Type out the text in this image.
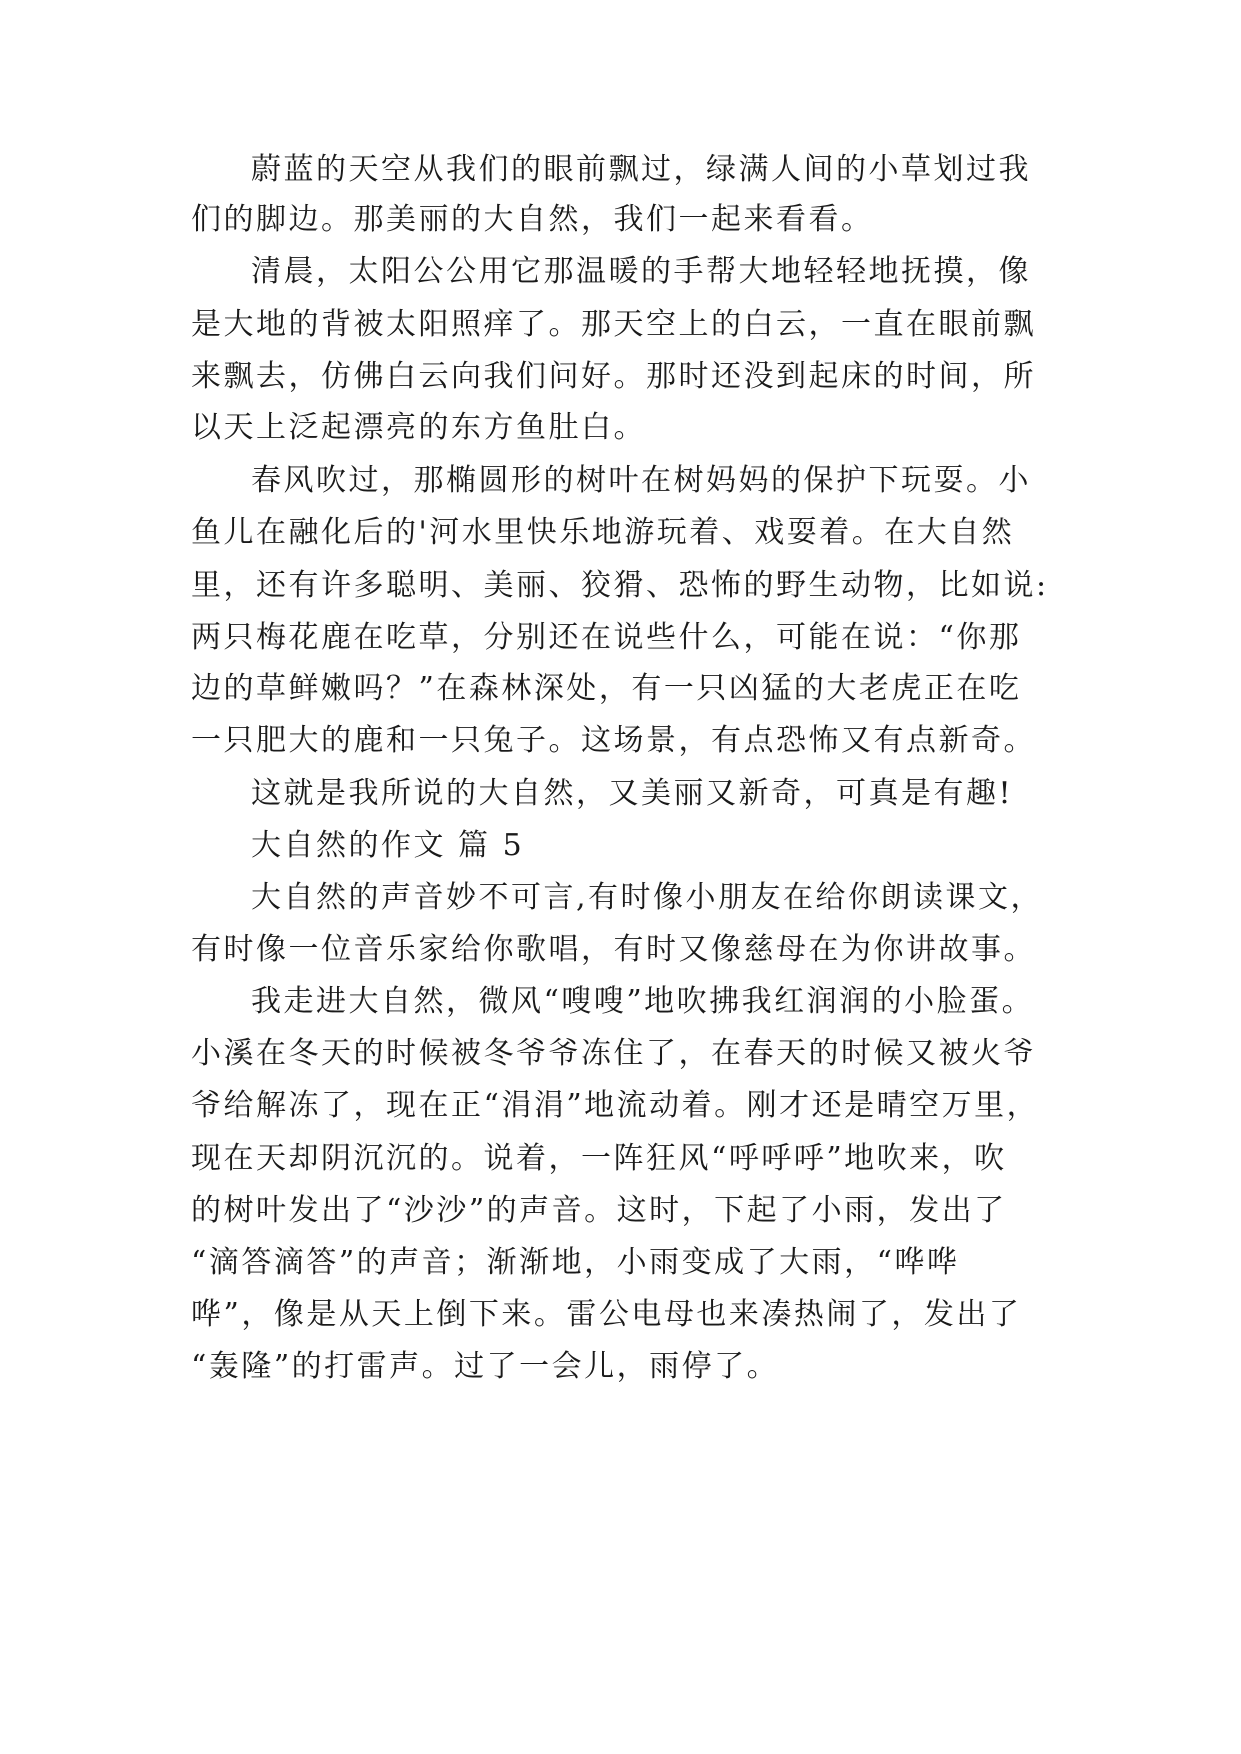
蔚蓝的天空从我们的眼前飘过，绿满人间的小草划过我
们的脚边。那美丽的大自然，我们一起来看看。
清晨，太阳公公用它那温暖的手帮大地轻轻地抚摸，像
是大地的背被太阳照痒了。那天空上的白云，一直在眼前飘
来飘去，仿佛白云向我们问好。那时还没到起床的时间，所
以天上泛起漂亮的东方鱼肚白。
春风吹过，那椭圆形的树叶在树妈妈的保护下玩耍。小
鱼儿在融化后的'河水里快乐地游玩着、戏耍着。在大自然
里，还有许多聪明、美丽、狡猾、恐怖的野生动物，比如说:
两只梅花鹿在吃草，分别还在说些什么，可能在说：“你那
边的草鲜嫩吗？”在森林深处，有一只凶猛的大老虎正在吃
一只肥大的鹿和一只兔子。这场景，有点恐怖又有点新奇。
这就是我所说的大自然，又美丽又新奇，可真是有趣!
大自然的作文 篇 5
大自然的声音妙不可言,有时像小朋友在给你朗读课文，
有时像一位音乐家给你歌唱，有时又像慈母在为你讲故事。
我走进大自然，微风“嗖嗖”地吹拂我红润润的小脸蛋。
小溪在冬天的时候被冬爷爷冻住了，在春天的时候又被火爷
爷给解冻了，现在正“涓涓”地流动着。刚才还是晴空万里，
现在天却阴沉沉的。说着，一阵狂风“呼呼呼”地吹来，吹
的树叶发出了“沙沙”的声音。这时，下起了小雨，发出了
“滴答滴答”的声音；渐渐地，小雨变成了大雨，“哗哗
哗”，像是从天上倒下来。雷公电母也来凑热闹了，发出了
“轰隆”的打雷声。过了一会儿，雨停了。
